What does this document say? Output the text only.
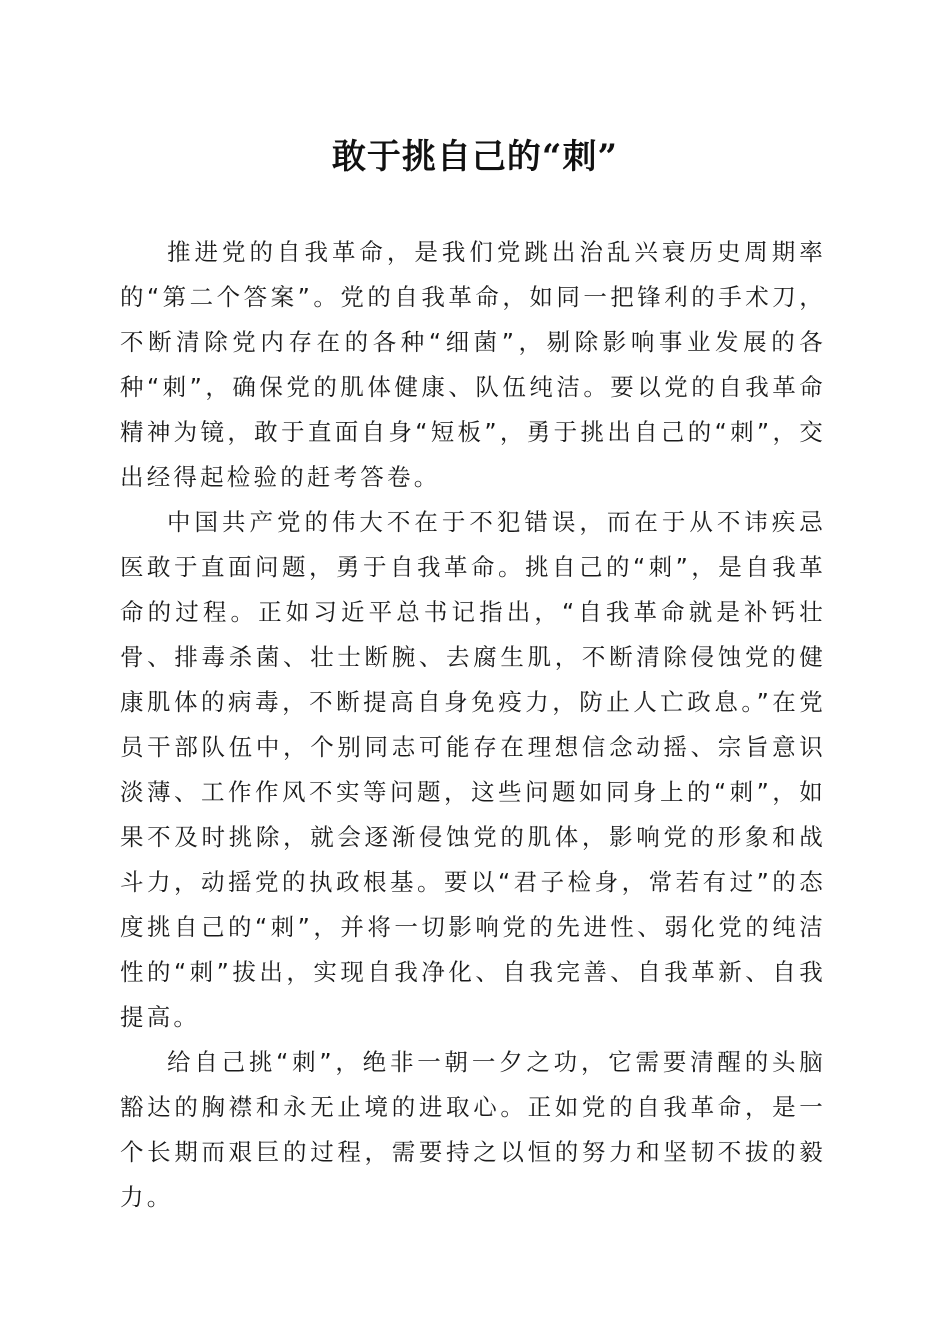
敢于挑自己的“刺”

推进党的自我革命，是我们党跳出治乱兴衰历史周期率的“第二个答案”。党的自我革命，如同一把锋利的手术刀，不断清除党内存在的各种“细菌”，剔除影响事业发展的各种“刺”，确保党的肌体健康、队伍纯洁。要以党的自我革命精神为镜，敢于直面自身“短板”，勇于挑出自己的“刺”，交出经得起检验的赶考答卷。

中国共产党的伟大不在于不犯错误，而在于从不讳疾忌医敢于直面问题，勇于自我革命。挑自己的“刺”，是自我革命的过程。正如习近平总书记指出，“自我革命就是补钙壮骨、排毒杀菌、壮士断腕、去腐生肌，不断清除侵蚀党的健康肌体的病毒，不断提高自身免疫力，防止人亡政息。”在党员干部队伍中，个别同志可能存在理想信念动摇、宗旨意识淡薄、工作作风不实等问题，这些问题如同身上的“刺”，如果不及时挑除，就会逐渐侵蚀党的肌体，影响党的形象和战斗力，动摇党的执政根基。要以“君子检身，常若有过”的态度挑自己的“刺”，并将一切影响党的先进性、弱化党的纯洁性的“刺”拔出，实现自我净化、自我完善、自我革新、自我提高。

给自己挑“刺”，绝非一朝一夕之功，它需要清醒的头脑豁达的胸襟和永无止境的进取心。正如党的自我革命，是一个长期而艰巨的过程，需要持之以恒的努力和坚韧不拔的毅力。
